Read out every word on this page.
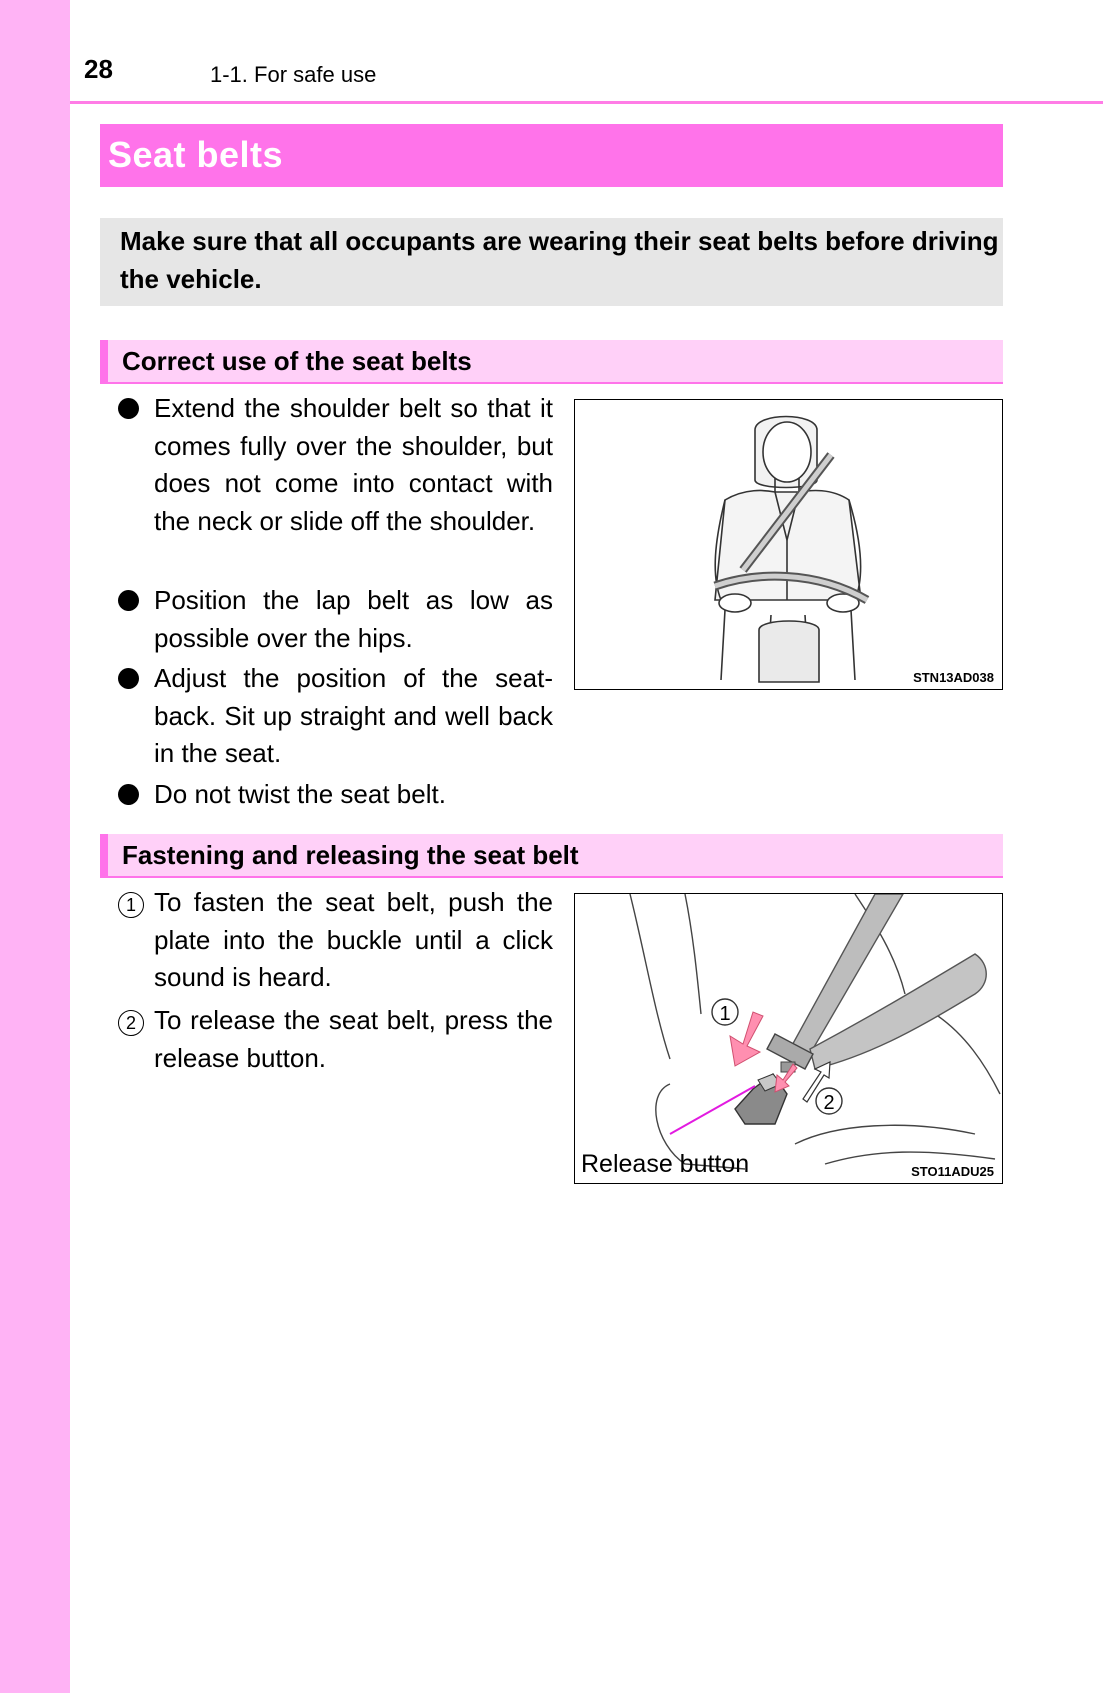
28	1-1. For safe use
Seat belts
Make sure that all occupants are wearing their seat belts before driving the vehicle.
Correct use of the seat belts
Extend the shoulder belt so that it comes fully over the shoulder, but does not come into contact with the neck or slide off the shoulder.
Position the lap belt as low as possible over the hips.
Adjust the position of the seat-back. Sit up straight and well back in the seat.
Do not twist the seat belt.
STN13AD038
Fastening and releasing the seat belt
1 To fasten the seat belt, push the plate into the buckle until a click sound is heard.
2 To release the seat belt, press the release button.
1
2
Release button	STO11ADU25
